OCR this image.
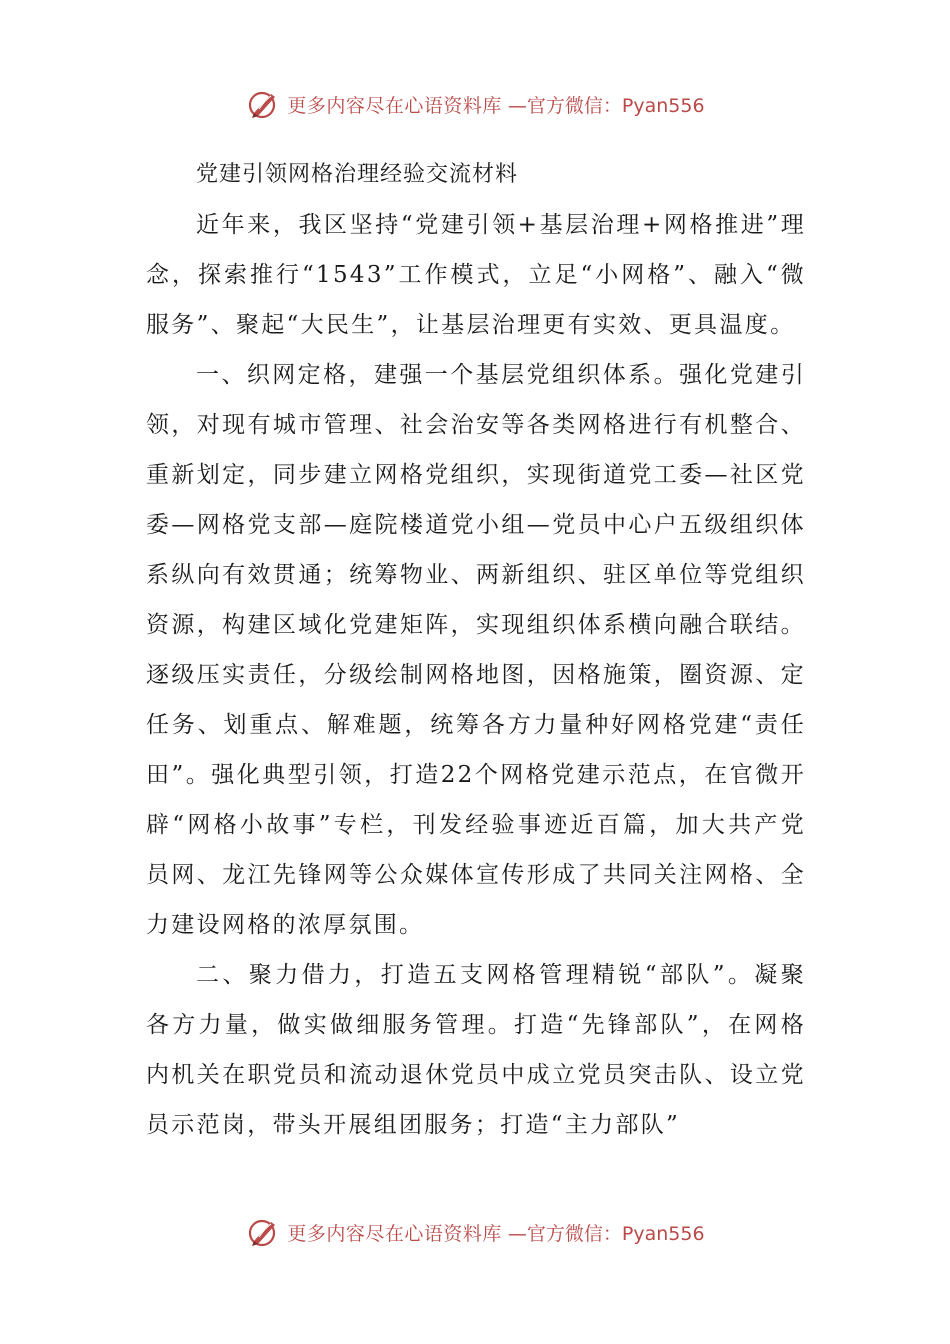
更多内容尽在心语资料库 —官方微信：Pyan556
党建引领网格治理经验交流材料

近年来，我区坚持“党建引领+基层治理+网格推进”理念，探索推行“1543”工作模式，立足“小网格”、融入“微服务”、聚起“大民生”，让基层治理更有实效、更具温度。

一、织网定格，建强一个基层党组织体系。强化党建引领，对现有城市管理、社会治安等各类网格进行有机整合、重新划定，同步建立网格党组织，实现街道党工委—社区党委—网格党支部—庭院楼道党小组—党员中心户五级组织体系纵向有效贯通；统筹物业、两新组织、驻区单位等党组织资源，构建区域化党建矩阵，实现组织体系横向融合联结。逐级压实责任，分级绘制网格地图，因格施策，圈资源、定任务、划重点、解难题，统筹各方力量种好网格党建“责任田”。强化典型引领，打造22个网格党建示范点，在官微开辟“网格小故事”专栏，刊发经验事迹近百篇，加大共产党员网、龙江先锋网等公众媒体宣传形成了共同关注网格、全力建设网格的浓厚氛围。

二、聚力借力，打造五支网格管理精锐“部队”。凝聚各方力量，做实做细服务管理。打造“先锋部队”，在网格内机关在职党员和流动退休党员中成立党员突击队、设立党员示范岗，带头开展组团服务；打造“主力部队”

更多内容尽在心语资料库 —官方微信：Pyan556
